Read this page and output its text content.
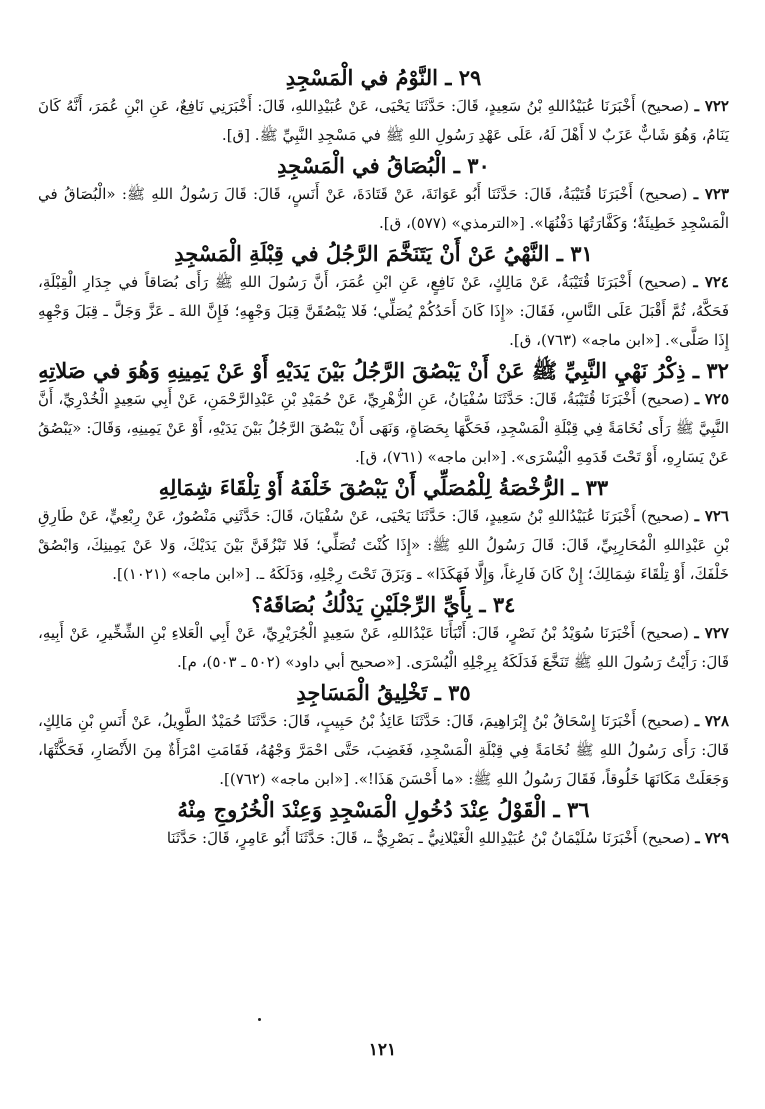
٢٩ ـ النَّوْمُ في الْمَسْجِدِ

٧٢٢ ـ (صحيح) أَخْبَرَنَا عُبَيْدُاللهِ بْنُ سَعِيدٍ، قَالَ: حَدَّثَنَا يَحْيَى، عَنْ عُبَيْدِاللهِ، قَالَ: أَخْبَرَنِي نَافِعٌ، عَنِ ابْنِ عُمَرَ، أَنَّهُ كَانَ يَنَامُ، وَهُوَ شَابٌّ عَزَبٌ لا أَهْلَ لَهُ، عَلَى عَهْدِ رَسُولِ اللهِ ﷺ في مَسْجِدِ النَّبِيِّ ﷺ. [ق].

٣٠ ـ الْبُصَاقُ في الْمَسْجِدِ

٧٢٣ ـ (صحيح) أَخْبَرَنَا قُتَيْبَةُ، قَالَ: حَدَّثَنَا أَبُو عَوَانَةَ، عَنْ قَتَادَةَ، عَنْ أَنَسٍ، قَالَ: قَالَ رَسُولُ اللهِ ﷺ: «الْبُصَاقُ في الْمَسْجِدِ خَطِيئَةٌ؛ وَكَفَّارَتُهَا دَفْنُهَا». [«الترمذي» (٥٧٧)، ق].

٣١ ـ النَّهْيُ عَنْ أَنْ يَتَنَخَّمَ الرَّجُلُ في قِبْلَةِ الْمَسْجِدِ

٧٢٤ ـ (صحيح) أَخْبَرَنَا قُتَيْبَةُ، عَنْ مَالِكٍ، عَنْ نَافِعٍ، عَنِ ابْنِ عُمَرَ، أَنَّ رَسُولَ اللهِ ﷺ رَأَى بُصَاقاً في جِدَارِ الْقِبْلَةِ، فَحَكَّهُ، ثُمَّ أَقْبَلَ عَلَى النَّاسِ، فَقَالَ: «إِذَا كَانَ أَحَدُكُمْ يُصَلِّي؛ فَلا يَبْصُقَنَّ قِبَلَ وَجْهِهِ؛ فَإِنَّ اللهَ ـ عَزَّ وَجَلَّ ـ قِبَلَ وَجْهِهِ إِذَا صَلَّى». [«ابن ماجه» (٧٦٣)، ق].

٣٢ ـ ذِكْرُ نَهْيِ النَّبِيِّ ﷺ عَنْ أَنْ يَبْصُقَ الرَّجُلُ بَيْنَ يَدَيْهِ أَوْ عَنْ يَمِينِهِ وَهُوَ في صَلاتِهِ

٧٢٥ ـ (صحيح) أَخْبَرَنَا قُتَيْبَةُ، قَالَ: حَدَّثَنَا سُفْيَانُ، عَنِ الزُّهْرِيِّ، عَنْ حُمَيْدِ بْنِ عَبْدِالرَّحْمَنِ، عَنْ أَبِي سَعِيدٍ الْخُدْرِيِّ، أَنَّ النَّبِيَّ ﷺ رَأَى نُخَامَةً فِي قِبْلَةِ الْمَسْجِدِ، فَحَكَّهَا بِحَصَاةٍ، وَنَهَى أَنْ يَبْصُقَ الرَّجُلُ بَيْنَ يَدَيْهِ، أَوْ عَنْ يَمِينِهِ، وَقَالَ: «يَبْصُقُ عَنْ يَسَارِهِ، أَوْ تَحْتَ قَدَمِهِ الْيُسْرَى». [«ابن ماجه» (٧٦١)، ق].

٣٣ ـ الرُّخْصَةُ لِلْمُصَلِّي أَنْ يَبْصُقَ خَلْفَهُ أَوْ تِلْقَاءَ شِمَالِهِ

٧٢٦ ـ (صحيح) أَخْبَرَنَا عُبَيْدُاللهِ بْنُ سَعِيدٍ، قَالَ: حَدَّثَنَا يَحْيَى، عَنْ سُفْيَانَ، قَالَ: حَدَّثَنِي مَنْصُورٌ، عَنْ رِبْعِيٍّ، عَنْ طَارِقِ بْنِ عَبْدِاللهِ الْمُحَارِبِيِّ، قَالَ: قَالَ رَسُولُ اللهِ ﷺ: «إِذَا كُنْتَ تُصَلِّي؛ فَلا تَبْزُقَنَّ بَيْنَ يَدَيْكَ، وَلا عَنْ يَمِينِكَ، وَابْصُقْ خَلْفَكَ، أَوْ تِلْقَاءَ شِمَالِكَ؛ إِنْ كَانَ فَارِغاً، وَإِلَّا فَهَكَذَا» ـ وَبَزَقَ تَحْتَ رِجْلِهِ، وَدَلَكَهُ ـ. [«ابن ماجه» (١٠٢١)].

٣٤ ـ بِأَيِّ الرِّجْلَيْنِ يَدْلُكُ بُصَاقَهُ؟

٧٢٧ ـ (صحيح) أَخْبَرَنَا سُوَيْدُ بْنُ نَصْرٍ، قَالَ: أَنْبَأَنَا عَبْدُاللهِ، عَنْ سَعِيدٍ الْجُرَيْرِيِّ، عَنْ أَبِي الْعَلاءِ بْنِ الشِّخِّيرِ، عَنْ أَبِيهِ، قَالَ: رَأَيْتُ رَسُولَ اللهِ ﷺ تَنَخَّعَ فَدَلَكَهُ بِرِجْلِهِ الْيُسْرَى. [«صحيح أبي داود» (٥٠٢ ـ ٥٠٣)، م].

٣٥ ـ تَخْلِيقُ الْمَسَاجِدِ

٧٢٨ ـ (صحيح) أَخْبَرَنَا إِسْحَاقُ بْنُ إِبْرَاهِيمَ، قَالَ: حَدَّثَنَا عَائِذُ بْنُ حَبِيبٍ، قَالَ: حَدَّثَنَا حُمَيْدٌ الطَّوِيلُ، عَنْ أَنَسِ بْنِ مَالِكٍ، قَالَ: رَأَى رَسُولُ اللهِ ﷺ نُخَامَةً فِي قِبْلَةِ الْمَسْجِدِ، فَغَضِبَ، حَتَّى احْمَرَّ وَجْهُهُ، فَقَامَتِ امْرَأَةٌ مِنَ الأَنْصَارِ، فَحَكَّتْهَا، وَجَعَلَتْ مَكَانَهَا خَلُوقاً، فَقَالَ رَسُولُ اللهِ ﷺ: «ما أَحْسَنَ هَذَا!». [«ابن ماجه» (٧٦٢)].

٣٦ ـ الْقَوْلُ عِنْدَ دُخُولِ الْمَسْجِدِ وَعِنْدَ الْخُرُوجِ مِنْهُ

٧٢٩ ـ (صحيح) أَخْبَرَنَا سُلَيْمَانُ بْنُ عُبَيْدِاللهِ الْغَيْلانِيُّ ـ بَصْرِيٌّ ـ، قَالَ: حَدَّثَنَا أَبُو عَامِرٍ، قَالَ: حَدَّثَنَا

١٢١
